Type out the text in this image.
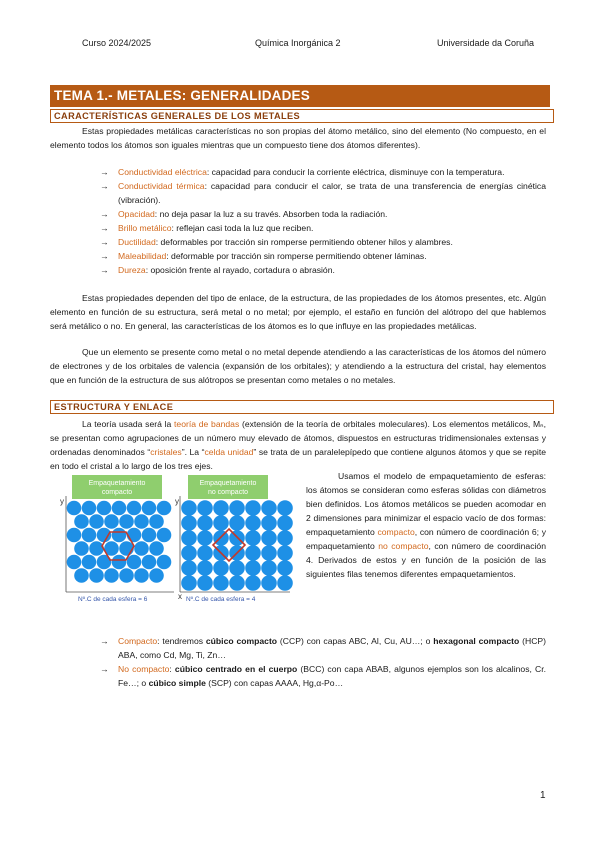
Curso 2024/2025	Química Inorgánica 2	Universidade da Coruña
TEMA 1.- METALES: GENERALIDADES
CARACTERÍSTICAS GENERALES DE LOS METALES

Estas propiedades metálicas características no son propias del átomo metálico, sino del elemento (No compuesto, en el elemento todos los átomos son iguales mientras que un compuesto tiene dos átomos diferentes).

→ Conductividad eléctrica: capacidad para conducir la corriente eléctrica, disminuye con la temperatura.
→ Conductividad térmica: capacidad para conducir el calor, se trata de una transferencia de energías cinética (vibración).
→ Opacidad: no deja pasar la luz a su través. Absorben toda la radiación.
→ Brillo metálico: reflejan casi toda la luz que reciben.
→ Ductilidad: deformables por tracción sin romperse permitiendo obtener hilos y alambres.
→ Maleabilidad: deformable por tracción sin romperse permitiendo obtener láminas.
→ Dureza: oposición frente al rayado, cortadura o abrasión.

Estas propiedades dependen del tipo de enlace, de la estructura, de las propiedades de los átomos presentes, etc. Algún elemento en función de su estructura, será metal o no metal; por ejemplo, el estaño en función del alótropo del que hablemos será metálico o no. En general, las características de los átomos es lo que influye en las propiedades metálicas.

Que un elemento se presente como metal o no metal depende atendiendo a las características de los átomos del número de electrones y de los orbitales de valencia (expansión de los orbitales); y atendiendo a la estructura del cristal, hay elementos que en función de la estructura de sus alótropos se presentan como metales o no metales.

ESTRUCTURA Y ENLACE

La teoría usada será la teoría de bandas (extensión de la teoría de orbitales moleculares). Los elementos metálicos, Mₙ, se presentan como agrupaciones de un número muy elevado de átomos, dispuestos en estructuras tridimensionales extensas y ordenadas denominados “cristales”. La “celda unidad” se trata de un paralelepípedo que contiene algunos átomos y que se repite en todo el cristal a lo largo de los tres ejes.

Empaquetamiento
compacto
Empaquetamiento
no compacto
y	y
x
Nº.C de cada esfera = 6	Nº.C de cada esfera = 4

Usamos el modelo de empaquetamiento de esferas: los átomos se consideran como esferas sólidas con diámetros bien definidos. Los átomos metálicos se pueden acomodar en 2 dimensiones para minimizar el espacio vacío de dos formas: empaquetamiento compacto, con número de coordinación 6; y empaquetamiento no compacto, con número de coordinación 4. Derivados de estos y en función de la posición de las siguientes filas tenemos diferentes empaquetamientos.

→ Compacto: tendremos cúbico compacto (CCP) con capas ABC, Al, Cu, AU…; o hexagonal compacto (HCP) ABA, como Cd, Mg, Ti, Zn…
→ No compacto: cúbico centrado en el cuerpo (BCC) con capa ABAB, algunos ejemplos son los alcalinos, Cr. Fe…; o cúbico simple (SCP) con capas AAAA, Hg,α-Po…
1
